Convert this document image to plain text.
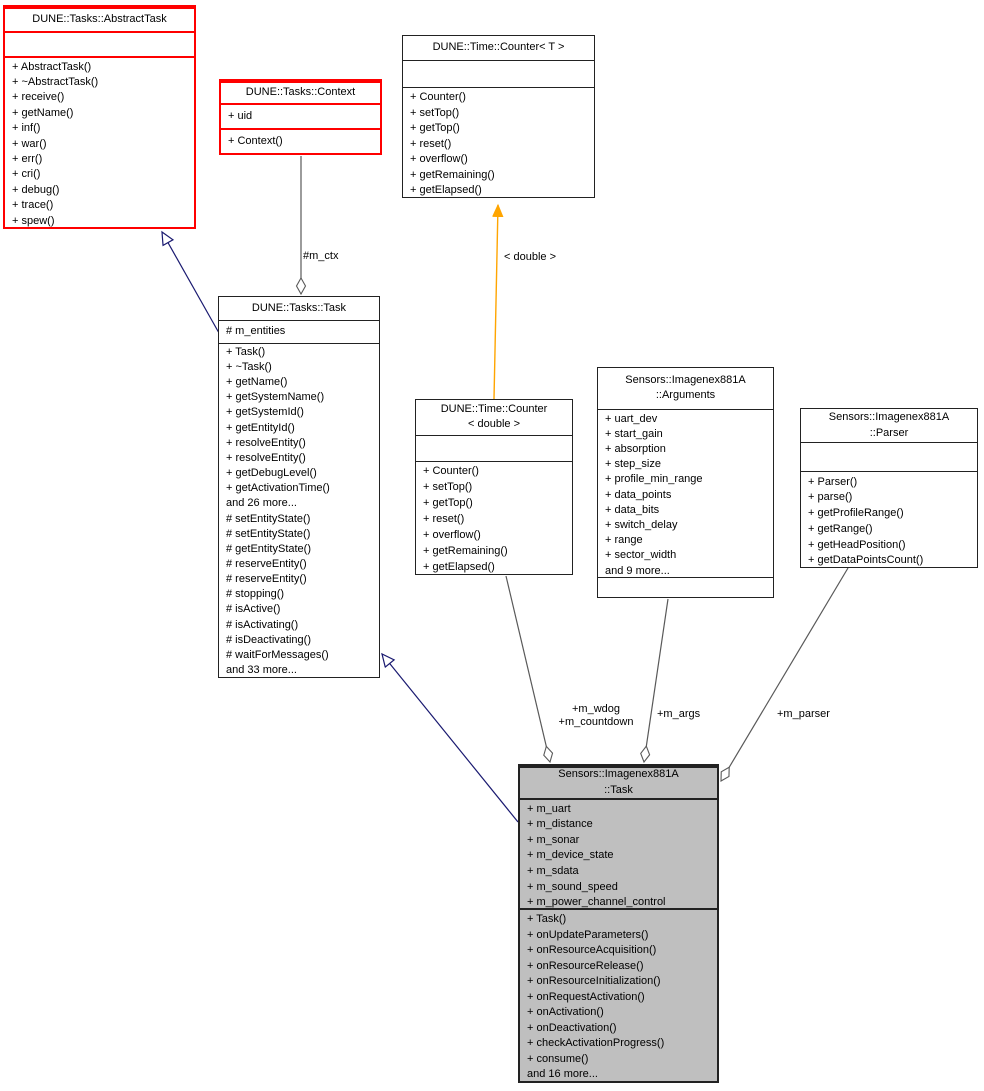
DUNE::Tasks::AbstractTask
+ AbstractTask()
+ ~AbstractTask()
+ receive()
+ getName()
+ inf()
+ war()
+ err()
+ cri()
+ debug()
+ trace()
+ spew()
DUNE::Tasks::Context
+ uid
+ Context()
DUNE::Time::Counter< T >
+ Counter()
+ setTop()
+ getTop()
+ reset()
+ overflow()
+ getRemaining()
+ getElapsed()
DUNE::Tasks::Task
# m_entities
+ Task()
+ ~Task()
+ getName()
+ getSystemName()
+ getSystemId()
+ getEntityId()
+ resolveEntity()
+ resolveEntity()
+ getDebugLevel()
+ getActivationTime()
and 26 more...
# setEntityState()
# setEntityState()
# getEntityState()
# reserveEntity()
# reserveEntity()
# stopping()
# isActive()
# isActivating()
# isDeactivating()
# waitForMessages()
and 33 more...
DUNE::Time::Counter
< double >
+ Counter()
+ setTop()
+ getTop()
+ reset()
+ overflow()
+ getRemaining()
+ getElapsed()
Sensors::Imagenex881A
::Arguments
+ uart_dev
+ start_gain
+ absorption
+ step_size
+ profile_min_range
+ data_points
+ data_bits
+ switch_delay
+ range
+ sector_width
and 9 more...
Sensors::Imagenex881A
::Parser
+ Parser()
+ parse()
+ getProfileRange()
+ getRange()
+ getHeadPosition()
+ getDataPointsCount()
Sensors::Imagenex881A
::Task
+ m_uart
+ m_distance
+ m_sonar
+ m_device_state
+ m_sdata
+ m_sound_speed
+ m_power_channel_control
+ Task()
+ onUpdateParameters()
+ onResourceAcquisition()
+ onResourceRelease()
+ onResourceInitialization()
+ onRequestActivation()
+ onActivation()
+ onDeactivation()
+ checkActivationProgress()
+ consume()
and 16 more...
#m_ctx	< double >
+m_wdog
+m_countdown
+m_args	+m_parser
